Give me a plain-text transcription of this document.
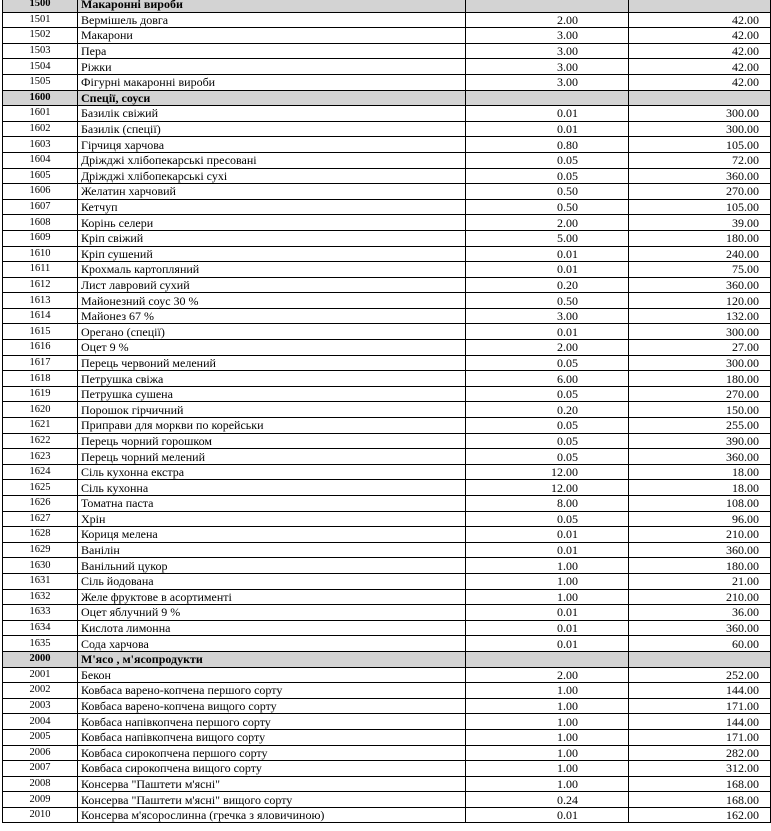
1500	Макаронні вироби		
1501	Вермішель довга	2.00	42.00
1502	Макарони	3.00	42.00
1503	Пера	3.00	42.00
1504	Ріжки	3.00	42.00
1505	Фігурні макаронні вироби	3.00	42.00
1600	Спеції, соуси		
1601	Базилік свіжий	0.01	300.00
1602	Базилік (спеції)	0.01	300.00
1603	Гірчиця харчова	0.80	105.00
1604	Дріжджі хлібопекарські пресовані	0.05	72.00
1605	Дріжджі хлібопекарські сухі	0.05	360.00
1606	Желатин харчовий	0.50	270.00
1607	Кетчуп	0.50	105.00
1608	Корінь селери	2.00	39.00
1609	Кріп свіжий	5.00	180.00
1610	Кріп сушений	0.01	240.00
1611	Крохмаль картопляний	0.01	75.00
1612	Лист лавровий сухий	0.20	360.00
1613	Майонезний соус 30 %	0.50	120.00
1614	Майонез 67 %	3.00	132.00
1615	Орегано (спеції)	0.01	300.00
1616	Оцет 9 %	2.00	27.00
1617	Перець червоний мелений	0.05	300.00
1618	Петрушка свіжа	6.00	180.00
1619	Петрушка сушена	0.05	270.00
1620	Порошок гірчичний	0.20	150.00
1621	Приправи для моркви по корейськи	0.05	255.00
1622	Перець чорний горошком	0.05	390.00
1623	Перець чорний мелений	0.05	360.00
1624	Сіль кухонна екстра	12.00	18.00
1625	Сіль кухонна	12.00	18.00
1626	Томатна паста	8.00	108.00
1627	Хрін	0.05	96.00
1628	Кориця мелена	0.01	210.00
1629	Ванілін	0.01	360.00
1630	Ванільний цукор	1.00	180.00
1631	Сіль йодована	1.00	21.00
1632	Желе фруктове в асортименті	1.00	210.00
1633	Оцет яблучний 9 %	0.01	36.00
1634	Кислота лимонна	0.01	360.00
1635	Сода харчова	0.01	60.00
2000	М'ясо , м'ясопродукти		
2001	Бекон	2.00	252.00
2002	Ковбаса варено-копчена першого сорту	1.00	144.00
2003	Ковбаса варено-копчена вищого сорту	1.00	171.00
2004	Ковбаса напівкопчена першого сорту	1.00	144.00
2005	Ковбаса напівкопчена вищого сорту	1.00	171.00
2006	Ковбаса сирокопчена першого сорту	1.00	282.00
2007	Ковбаса сирокопчена вищого сорту	1.00	312.00
2008	Консерва "Паштети м'ясні"	1.00	168.00
2009	Консерва "Паштети м'ясні" вищого сорту	0.24	168.00
2010	Консерва м'ясорослинна (гречка з яловичиною)	0.01	162.00
